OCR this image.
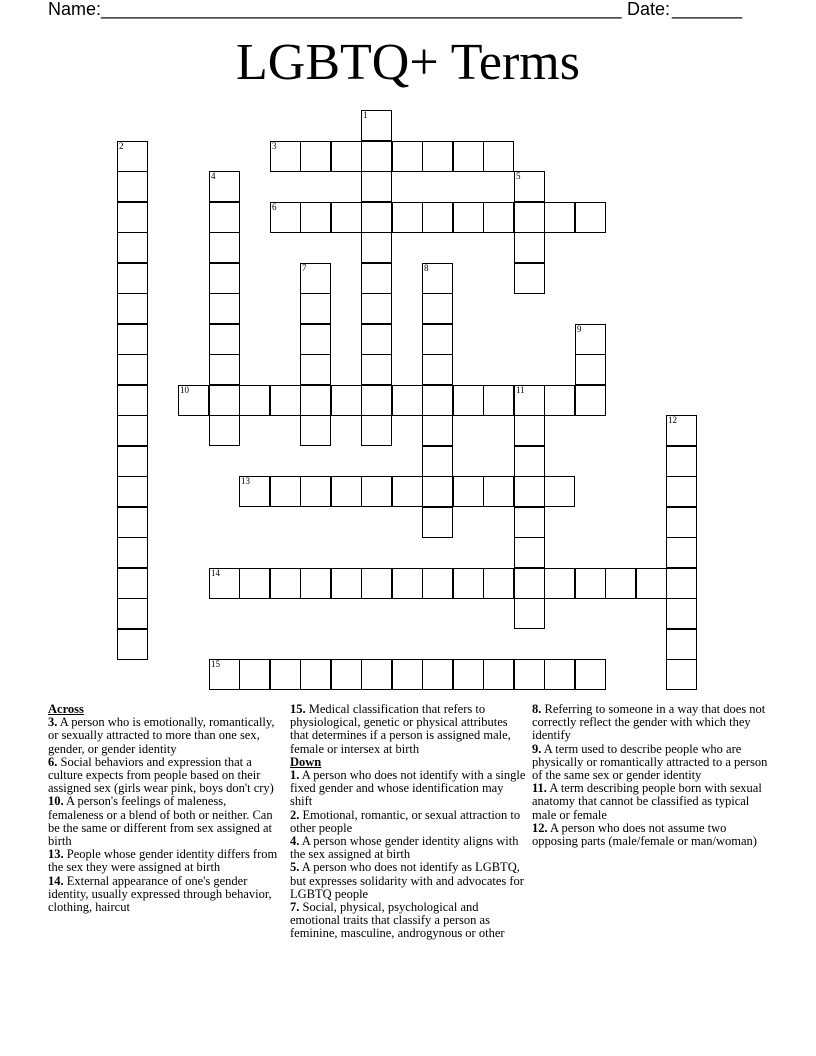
Name: ____________________________________________________ Date: _______
LGBTQ+ Terms
1
2	3
4	5
6
7	8
9
10	11
12
13
14
15
Across
3. A person who is emotionally, romantically, or sexually attracted to more than one sex, gender, or gender identity
6. Social behaviors and expression that a culture expects from people based on their assigned sex (girls wear pink, boys don't cry)
10. A person's feelings of maleness, femaleness or a blend of both or neither. Can be the same or different from sex assigned at birth
13. People whose gender identity differs from the sex they were assigned at birth
14. External appearance of one's gender identity, usually expressed through behavior, clothing, haircut
15. Medical classification that refers to physiological, genetic or physical attributes that determines if a person is assigned male, female or intersex at birth
Down
1. A person who does not identify with a single fixed gender and whose identification may shift
2. Emotional, romantic, or sexual attraction to other people
4. A person whose gender identity aligns with the sex assigned at birth
5. A person who does not identify as LGBTQ, but expresses solidarity with and advocates for LGBTQ people
7. Social, physical, psychological and emotional traits that classify a person as feminine, masculine, androgynous or other
8. Referring to someone in a way that does not correctly reflect the gender with which they identify
9. A term used to describe people who are physically or romantically attracted to a person of the same sex or gender identity
11. A term describing people born with sexual anatomy that cannot be classified as typical male or female
12. A person who does not assume two opposing parts (male/female or man/woman)
